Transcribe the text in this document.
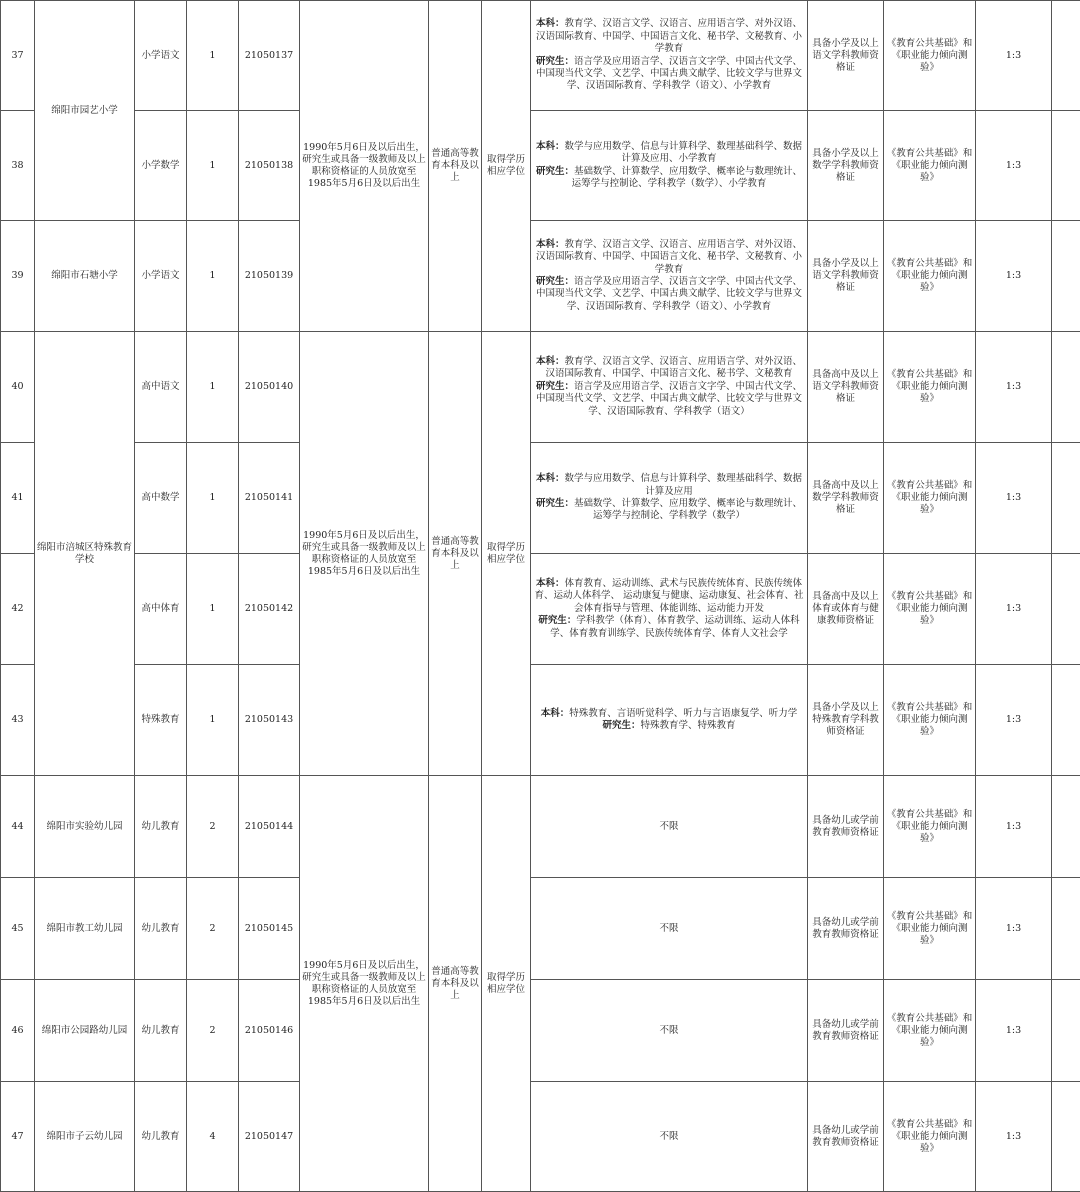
37	绵阳市园艺小学	小学语文	1	21050137	1990年5月6日及以后出生，研究生或具备一级教师及以上职称资格证的人员放宽至1985年5月6日及以后出生	普通高等教育本科及以上	取得学历相应学位	本科：教育学、汉语言文学、汉语言、应用语言学、对外汉语、汉语国际教育、中国学、中国语言文化、秘书学、文秘教育、小学教育
研究生：语言学及应用语言学、汉语言文字学、中国古代文学、中国现当代文学、文艺学、中国古典文献学、比较文学与世界文学、汉语国际教育、学科教学（语文）、小学教育	具备小学及以上语文学科教师资格证	《教育公共基础》和《职业能力倾向测验》	1:3	
38		小学数学	1	21050138				本科：数学与应用数学、信息与计算科学、数理基础科学、数据计算及应用、小学教育
研究生：基础数学、计算数学、应用数学、概率论与数理统计、运筹学与控制论、学科教学（数学）、小学教育	具备小学及以上数学学科教师资格证	《教育公共基础》和《职业能力倾向测验》	1:3	
39	绵阳市石塘小学	小学语文	1	21050139				本科：教育学、汉语言文学、汉语言、应用语言学、对外汉语、汉语国际教育、中国学、中国语言文化、秘书学、文秘教育、小学教育
研究生：语言学及应用语言学、汉语言文字学、中国古代文学、中国现当代文学、文艺学、中国古典文献学、比较文学与世界文学、汉语国际教育、学科教学（语文）、小学教育	具备小学及以上语文学科教师资格证	《教育公共基础》和《职业能力倾向测验》	1:3	
40	绵阳市涪城区特殊教育学校	高中语文	1	21050140	1990年5月6日及以后出生，研究生或具备一级教师及以上职称资格证的人员放宽至1985年5月6日及以后出生	普通高等教育本科及以上	取得学历相应学位	本科：教育学、汉语言文学、汉语言、应用语言学、对外汉语、汉语国际教育、中国学、中国语言文化、秘书学、文秘教育
研究生：语言学及应用语言学、汉语言文字学、中国古代文学、中国现当代文学、文艺学、中国古典文献学、比较文学与世界文学、汉语国际教育、学科教学（语文）	具备高中及以上语文学科教师资格证	《教育公共基础》和《职业能力倾向测验》	1:3	
41		高中数学	1	21050141				本科：数学与应用数学、信息与计算科学、数理基础科学、数据计算及应用
研究生：基础数学、计算数学、应用数学、概率论与数理统计、运筹学与控制论、学科教学（数学）	具备高中及以上数学学科教师资格证	《教育公共基础》和《职业能力倾向测验》	1:3	
42		高中体育	1	21050142				本科：体育教育、运动训练、武术与民族传统体育、民族传统体育、运动人体科学、 运动康复与健康、运动康复、社会体育、社会体育指导与管理、体能训练、运动能力开发
研究生：学科教学（体育）、体育教学、运动训练、运动人体科学、体育教育训练学、民族传统体育学、体育人文社会学	具备高中及以上体育或体育与健康教师资格证	《教育公共基础》和《职业能力倾向测验》	1:3	
43		特殊教育	1	21050143				本科：特殊教育、言语听觉科学、听力与言语康复学、听力学
研究生：特殊教育学、特殊教育	具备小学及以上特殊教育学科教师资格证	《教育公共基础》和《职业能力倾向测验》	1:3	
44	绵阳市实验幼儿园	幼儿教育	2	21050144	1990年5月6日及以后出生，研究生或具备一级教师及以上职称资格证的人员放宽至1985年5月6日及以后出生	普通高等教育本科及以上	取得学历相应学位	不限	具备幼儿或学前教育教师资格证	《教育公共基础》和《职业能力倾向测验》	1:3	
45	绵阳市教工幼儿园	幼儿教育	2	21050145				不限	具备幼儿或学前教育教师资格证	《教育公共基础》和《职业能力倾向测验》	1:3	
46	绵阳市公园路幼儿园	幼儿教育	2	21050146				不限	具备幼儿或学前教育教师资格证	《教育公共基础》和《职业能力倾向测验》	1:3	
47	绵阳市子云幼儿园	幼儿教育	4	21050147				不限	具备幼儿或学前教育教师资格证	《教育公共基础》和《职业能力倾向测验》	1:3	
